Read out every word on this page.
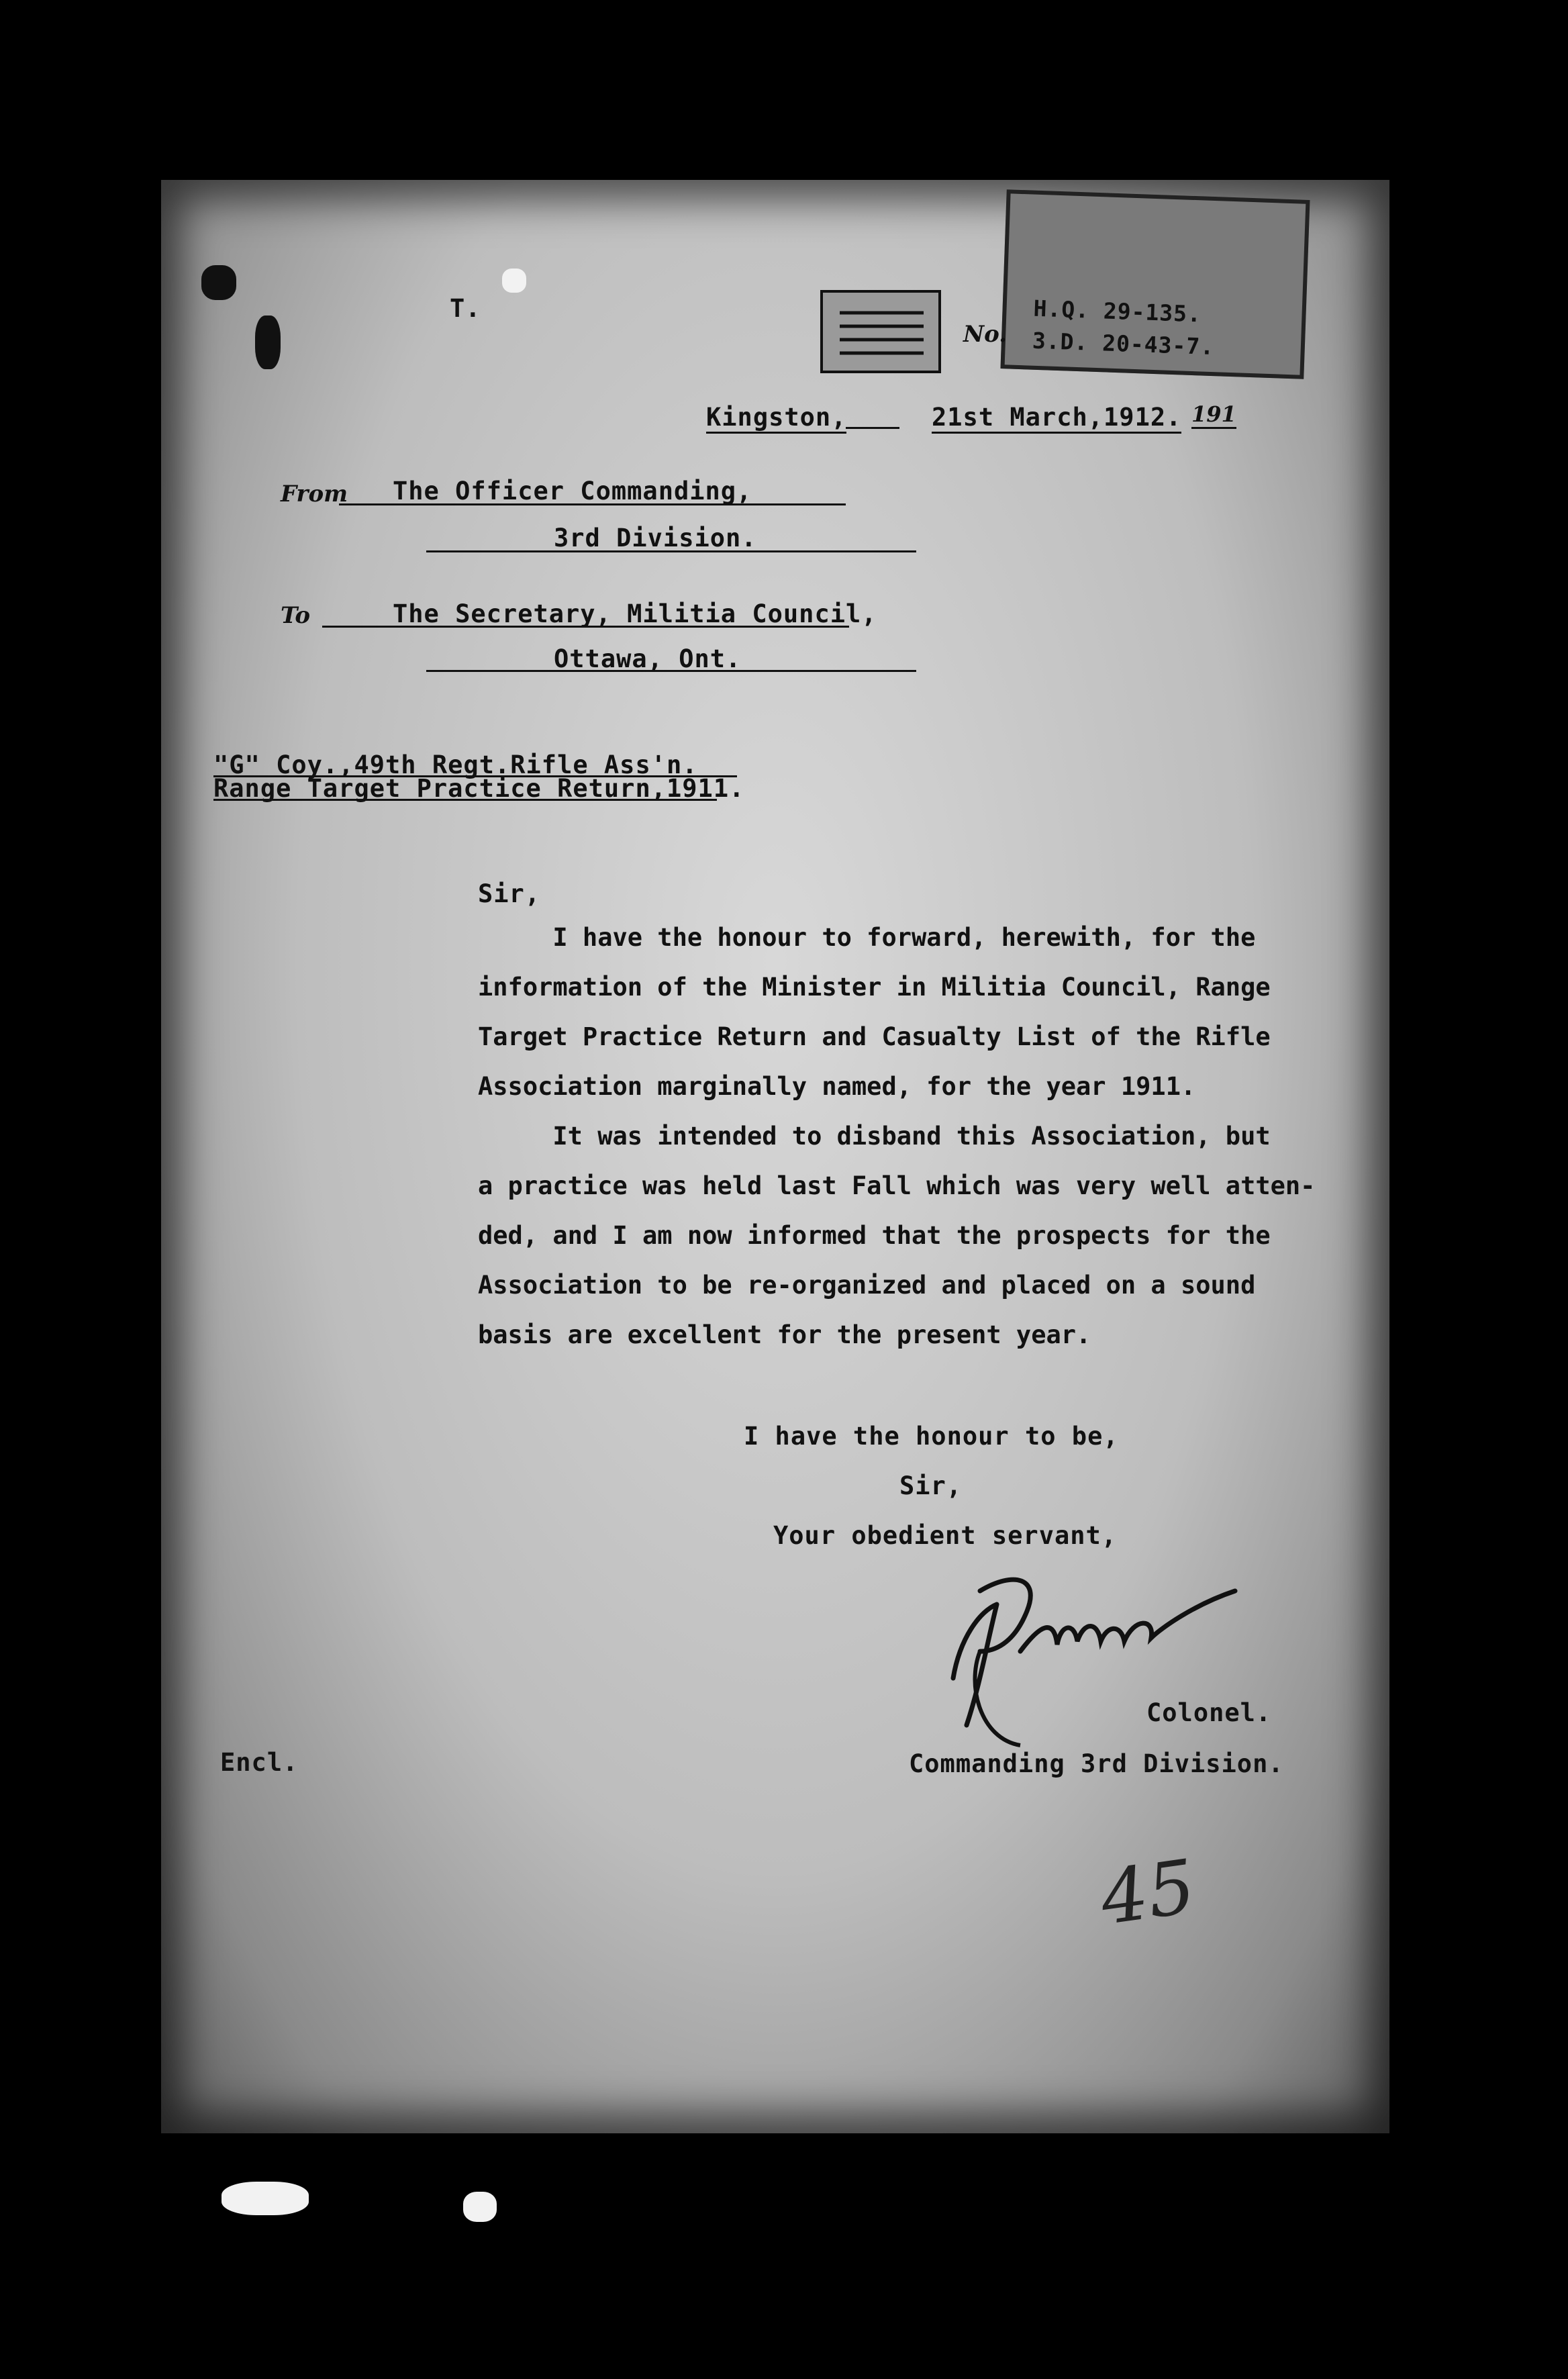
T.	H.Q. 29-135.
3.D. 20-43-7.
No.
Kingston,	21st March,1912. 191
From The Officer Commanding,
3rd Division.
To	The Secretary, Militia Council,
Ottawa, Ont.
"G" Coy.,49th Regt.Rifle Ass'n.
Range Target Practice Return,1911.
Sir,
I have the honour to forward, herewith, for the
information of the Minister in Militia Council, Range
Target Practice Return and Casualty List of the Rifle
Association marginally named, for the year 1911.
It was intended to disband this Association, but
a practice was held last Fall which was very well atten-
ded, and I am now informed that the prospects for the
Association to be re-organized and placed on a sound
basis are excellent for the present year.
I have the honour to be,
Sir,
Your obedient servant,
Colonel.
Commanding 3rd Division.
Encl.
45
